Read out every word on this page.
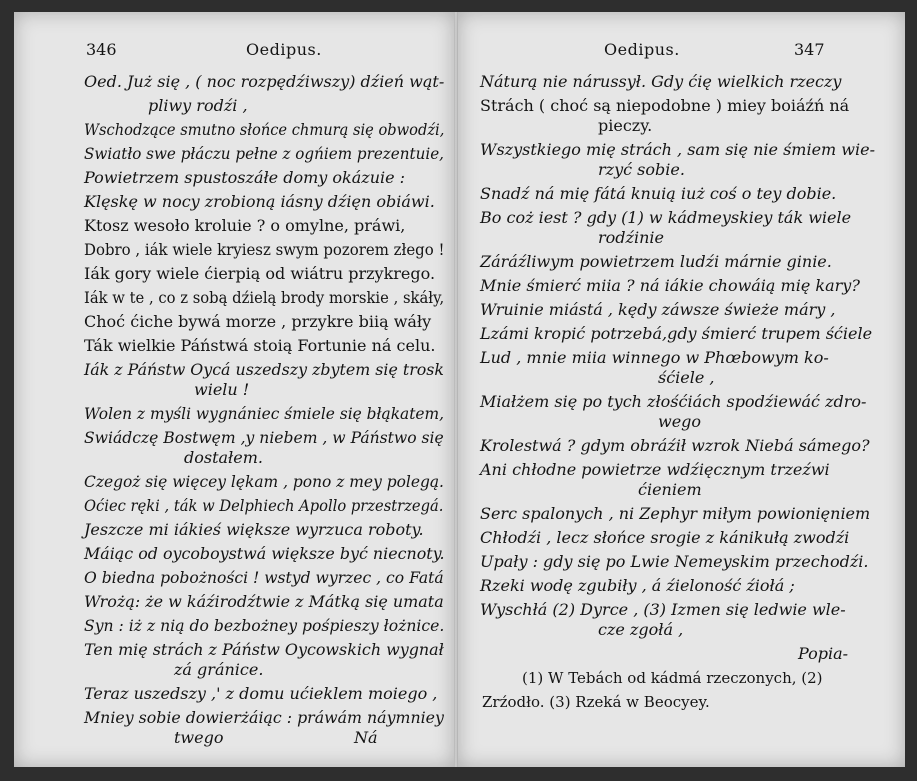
346	Oedipus.
Oed. Już się , ( noc rozpędźiwszy) dźień wąt-
pliwy rodźi ,
Wschodzące smutno słońce chmurą się obwodźi,
Swiatło swe płáczu pełne z ogńiem prezentuie,
Powietrzem spustoszáłe domy okázuie :
Klęskę w nocy zrobioną iásny dźięn obiáwi.
Ktosz wesoło kroluie ? o omylne, práwi,
Dobro , iák wiele kryiesz swym pozorem złego !
Iák gory wiele ćierpią od wiátru przykrego.
Iák w te , co z sobą dźielą brody morskie , skáły,
Choć ćiche bywá morze , przykre biią wáły
Ták wielkie Páństwá stoią Fortunie ná celu.
Iák z Páństw Oycá uszedszy zbytem się trosk
wielu !
Wolen z myśli wygnániec śmiele się błąkatem,
Swiádczę Bostwęm ,y niebem , w Páństwo się
dostałem.
Czegoż się więcey lękam , pono z mey polegą.
Oćiec ręki , ták w Delphiech Apollo przestrzegá.
Jeszcze mi iákieś większe wyrzuca roboty.
Máiąc od oycoboystwá większe być niecnoty.
O biedna pobożności ! wstyd wyrzec , co Fatá
Wrożą: że w káźirodźtwie z Mátką się umata
Syn : iż z nią do bezbożney pośpieszy łożnice.
Ten mię strách z Páństw Oycowskich wygnał
zá gránice.
Teraz uszedszy ,' z domu ućieklem moiego ,
Mniey sobie dowierżáiąc : práwám náymniey
twego	Ná
Oedipus.	347
Náturą nie nárussył. Gdy ćię wielkich rzeczy
Strách ( choć są niepodobne ) miey boiáźń ná
pieczy.
Wszystkiego mię strách , sam się nie śmiem wie-
rzyć sobie.
Snadź ná mię fátá knuią iuż coś o tey dobie.
Bo coż iest ? gdy (1) w kádmeyskiey ták wiele
rodźinie
Záráźliwym powietrzem ludźi márnie ginie.
Mnie śmierć miia ? ná iákie chowáią mię kary?
Wruinie miástá , kędy záwsze świeże máry ,
Lzámi kropić potrzebá,gdy śmierć trupem śćiele
Lud , mnie miia winnego w Phœbowym ko-
śćiele ,
Miałżem się po tych złośćiách spodźiewáć zdro-
wego
Krolestwá ? gdym obráźił wzrok Niebá sámego?
Ani chłodne powietrze wdźięcznym trzeźwi
ćieniem
Serc spalonych , ni Zephyr miłym powionięniem
Chłodźi , lecz słońce srogie z kánikułą zwodźi
Upały : gdy się po Lwie Nemeyskim przechodźi.
Rzeki wodę zgubiły , á źieloność źiołá ;
Wyschłá (2) Dyrce , (3) Izmen się ledwie wle-
cze zgołá ,
Popia-
(1) W Tebách od kádmá rzeczonych, (2)
Zrźodło. (3) Rzeká w Beocyey.
